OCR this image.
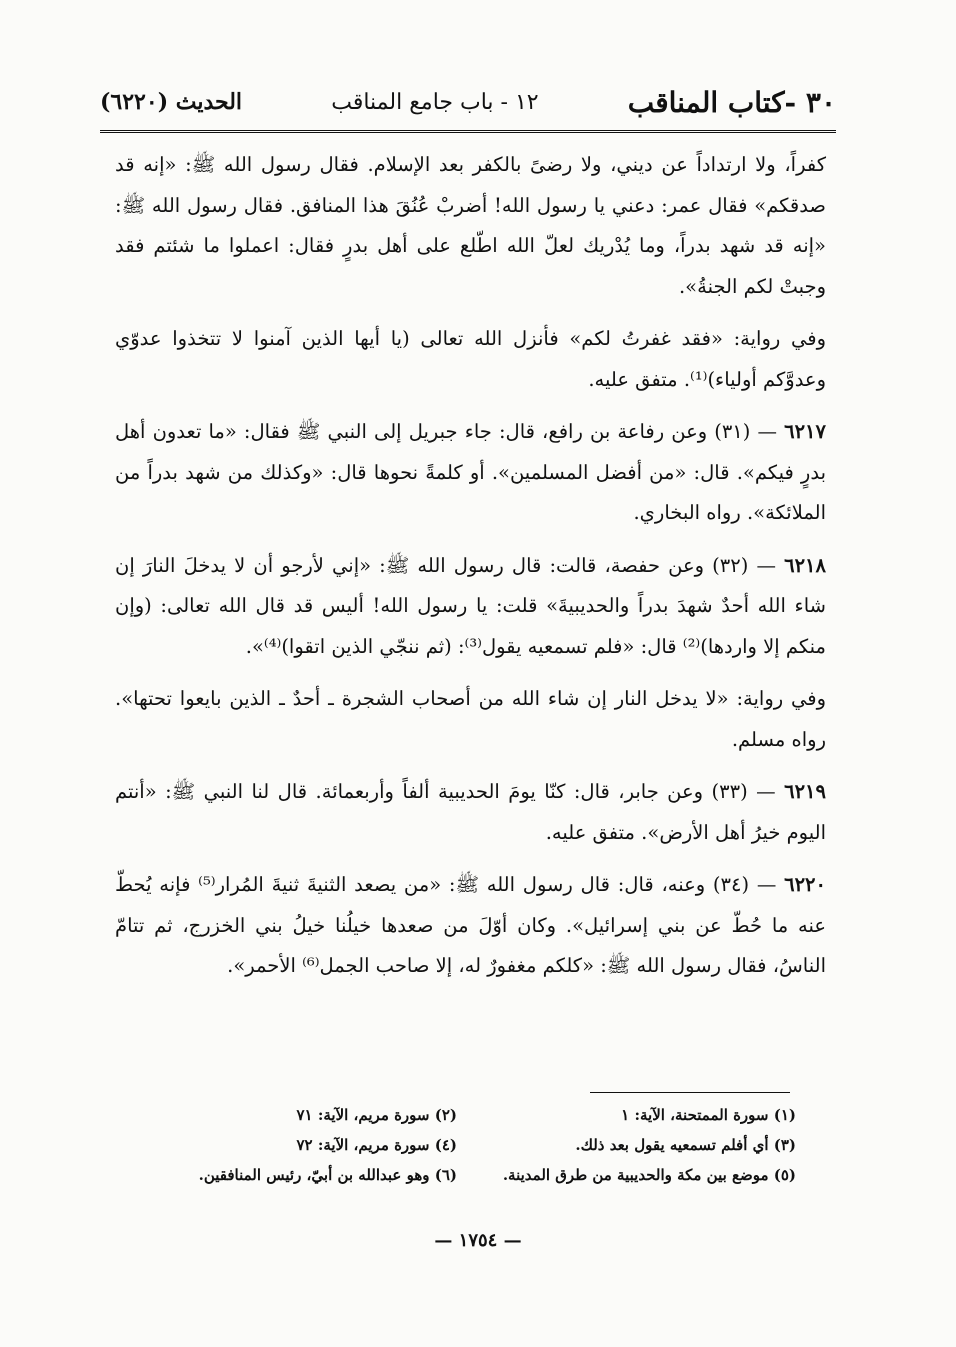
٣٠ -كتاب المناقب
١٢ - باب جامع المناقب
الحديث (٦٢٢٠)

كفراً، ولا ارتداداً عن ديني، ولا رضىً بالكفر بعد الإسلام. فقال رسول الله ﷺ: «إنه قد صدقكم» فقال عمر: دعني يا رسول الله! أضربْ عُنُقَ هذا المنافق. فقال رسول الله ﷺ: «إنه قد شهد بدراً، وما يُدْريك لعلّ الله اطّلع على أهل بدرٍ فقال: اعملوا ما شئتم فقد وجبتْ لكم الجنةُ».

وفي رواية: «فقد غفرتُ لكم» فأنزل الله تعالى (يا أيها الذين آمنوا لا تتخذوا عدوّي وعدوَّكم أولياء)⁽¹⁾. متفق عليه.

٦٢١٧ — (٣١) وعن رفاعة بن رافع، قال: جاء جبريل إلى النبي ﷺ فقال: «ما تعدون أهل بدرٍ فيكم». قال: «من أفضل المسلمين». أو كلمةً نحوها قال: «وكذلك من شهد بدراً من الملائكة». رواه البخاري.

٦٢١٨ — (٣٢) وعن حفصة، قالت: قال رسول الله ﷺ: «إني لأرجو أن لا يدخلَ النارَ إن شاء الله أحدٌ شهدَ بدراً والحديبيةَ» قلت: يا رسول الله! أليس قد قال الله تعالى: (وإن منكم إلا واردها)⁽²⁾ قال: «فلم تسمعيه يقول⁽³⁾: (ثم ننجّي الذين اتقوا)⁽⁴⁾».

وفي رواية: «لا يدخل النار إن شاء الله من أصحاب الشجرة ـ أحدٌ ـ الذين بايعوا تحتها». رواه مسلم.

٦٢١٩ — (٣٣) وعن جابر، قال: كنّا يومَ الحديبية ألفاً وأربعمائة. قال لنا النبي ﷺ: «أنتم اليوم خيرُ أهل الأرض». متفق عليه.

٦٢٢٠ — (٣٤) وعنه، قال: قال رسول الله ﷺ: «من يصعد الثنيةَ ثنيةَ المُرار⁽⁵⁾ فإنه يُحطّ عنه ما حُطّ عن بني إسرائيل». وكان أوّلَ من صعدها خيلُنا خيلُ بني الخزرج، ثم تتامّ الناسُ، فقال رسول الله ﷺ: «كلكم مغفورٌ له، إلا صاحب الجمل⁽⁶⁾ الأحمر».

(١) سورة الممتحنة، الآية: ١
(٢) سورة مريم، الآية: ٧١
(٣) أي أفلم تسمعيه يقول بعد ذلك.
(٤) سورة مريم، الآية: ٧٢
(٥) موضع بين مكة والحديبية من طرق المدينة.
(٦) وهو عبدالله بن أبيّ، رئيس المنافقين.
— ١٧٥٤ —
